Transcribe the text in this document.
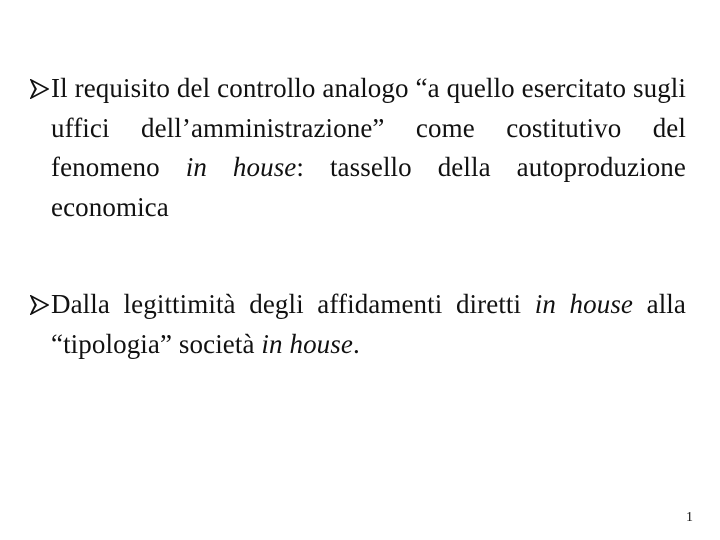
Il requisito del controllo analogo “a quello esercitato sugli uffici dell’amministrazione” come costitutivo del fenomeno in house: tassello della autoproduzione economica
Dalla legittimità degli affidamenti diretti in house alla “tipologia” società in house.
1
